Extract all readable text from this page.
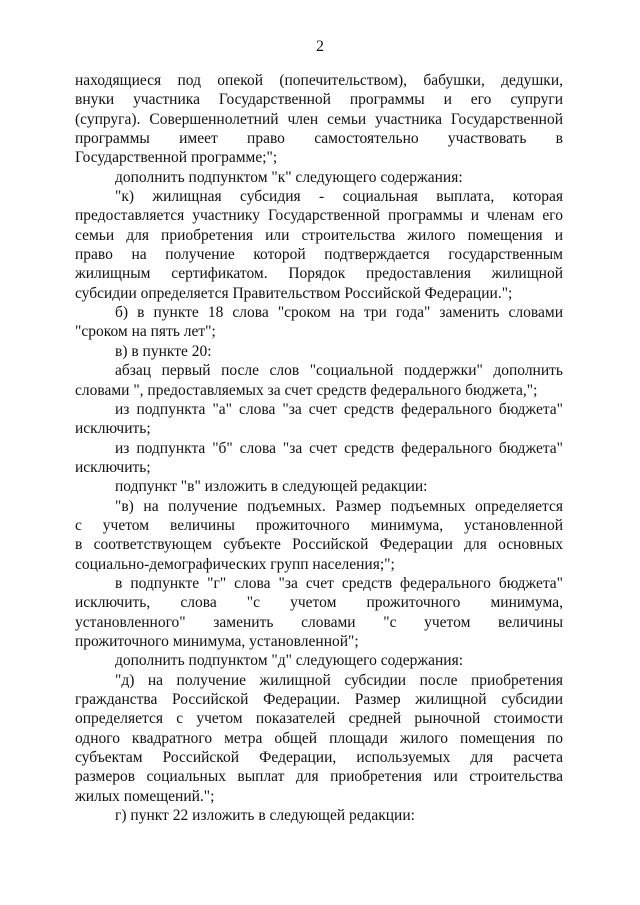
2
находящиеся под опекой (попечительством), бабушки, дедушки,
внуки участника Государственной программы и его супруги
(супруга). Совершеннолетний член семьи участника Государственной
программы имеет право самостоятельно участвовать в
Государственной программе;";
дополнить подпунктом "к" следующего содержания:
"к) жилищная субсидия - социальная выплата, которая
предоставляется участнику Государственной программы и членам его
семьи для приобретения или строительства жилого помещения и
право на получение которой подтверждается государственным
жилищным сертификатом. Порядок предоставления жилищной
субсидии определяется Правительством Российской Федерации.";
б) в пункте 18 слова "сроком на три года" заменить словами
"сроком на пять лет";
в) в пункте 20:
абзац первый после слов "социальной поддержки" дополнить
словами ", предоставляемых за счет средств федерального бюджета,";
из подпункта "а" слова "за счет средств федерального бюджета"
исключить;
из подпункта "б" слова "за счет средств федерального бюджета"
исключить;
подпункт "в" изложить в следующей редакции:
"в) на получение подъемных. Размер подъемных определяется
с учетом величины прожиточного минимума, установленной
в соответствующем субъекте Российской Федерации для основных
социально-демографических групп населения;";
в подпункте "г" слова "за счет средств федерального бюджета"
исключить, слова "с учетом прожиточного минимума,
установленного" заменить словами "с учетом величины
прожиточного минимума, установленной";
дополнить подпунктом "д" следующего содержания:
"д) на получение жилищной субсидии после приобретения
гражданства Российской Федерации. Размер жилищной субсидии
определяется с учетом показателей средней рыночной стоимости
одного квадратного метра общей площади жилого помещения по
субъектам Российской Федерации, используемых для расчета
размеров социальных выплат для приобретения или строительства
жилых помещений.";
г) пункт 22 изложить в следующей редакции:
